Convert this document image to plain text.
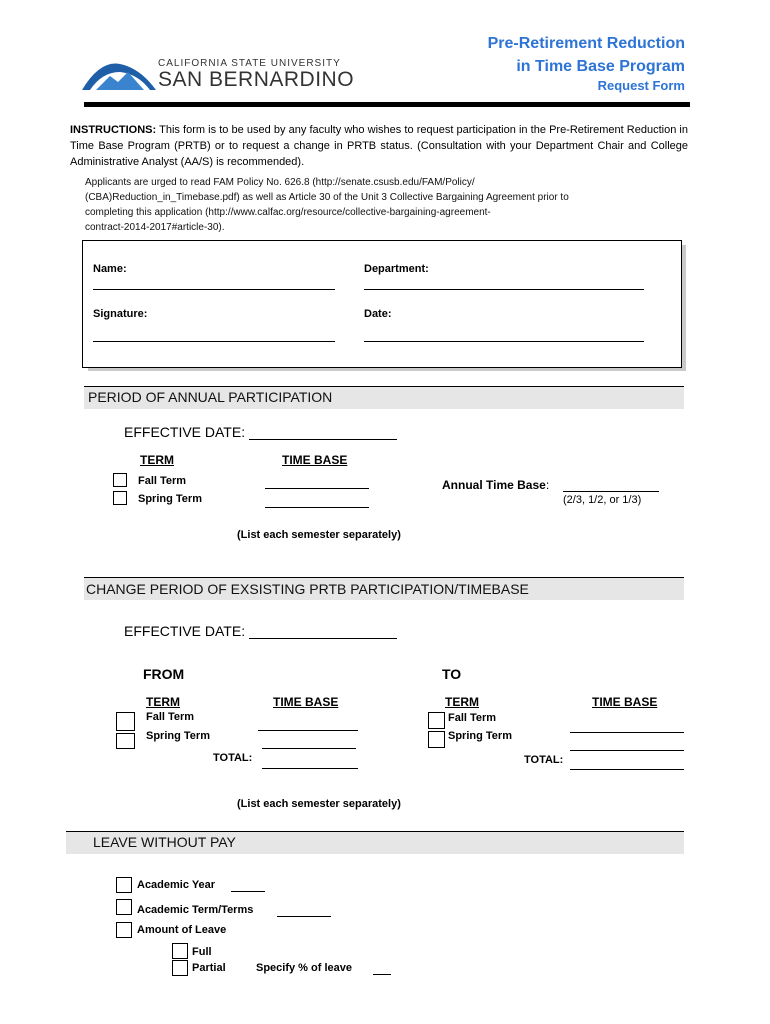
CALIFORNIA STATE UNIVERSITY
SAN BERNARDINO
Pre-Retirement Reduction
in Time Base Program
Request Form
INSTRUCTIONS: This form is to be used by any faculty who wishes to request participation in the Pre-Retirement Reduction in Time Base Program (PRTB) or to request a change in PRTB status. (Consultation with your Department Chair and College Administrative Analyst (AA/S) is recommended).
Applicants are urged to read FAM Policy No. 626.8 (http://senate.csusb.edu/FAM/Policy/
(CBA)Reduction_in_Timebase.pdf) as well as Article 30 of the Unit 3 Collective Bargaining Agreement prior to
completing this application (http://www.calfac.org/resource/collective-bargaining-agreement-
contract-2014-2017#article-30).
Name:	Department:
Signature:	Date:
PERIOD OF ANNUAL PARTICIPATION
EFFECTIVE DATE:
TERM	TIME BASE
Fall Term
Spring Term
Annual Time Base:
(2/3, 1/2, or 1/3)
(List each semester separately)
CHANGE PERIOD OF EXSISTING PRTB PARTICIPATION/TIMEBASE
EFFECTIVE DATE:
FROM	TO
TERM	TIME BASE	TERM	TIME BASE
Fall Term
Spring Term
TOTAL:
Fall Term
Spring Term
TOTAL:
(List each semester separately)
LEAVE WITHOUT PAY
Academic Year
Academic Term/Terms
Amount of Leave
Full
Partial	Specify % of leave
